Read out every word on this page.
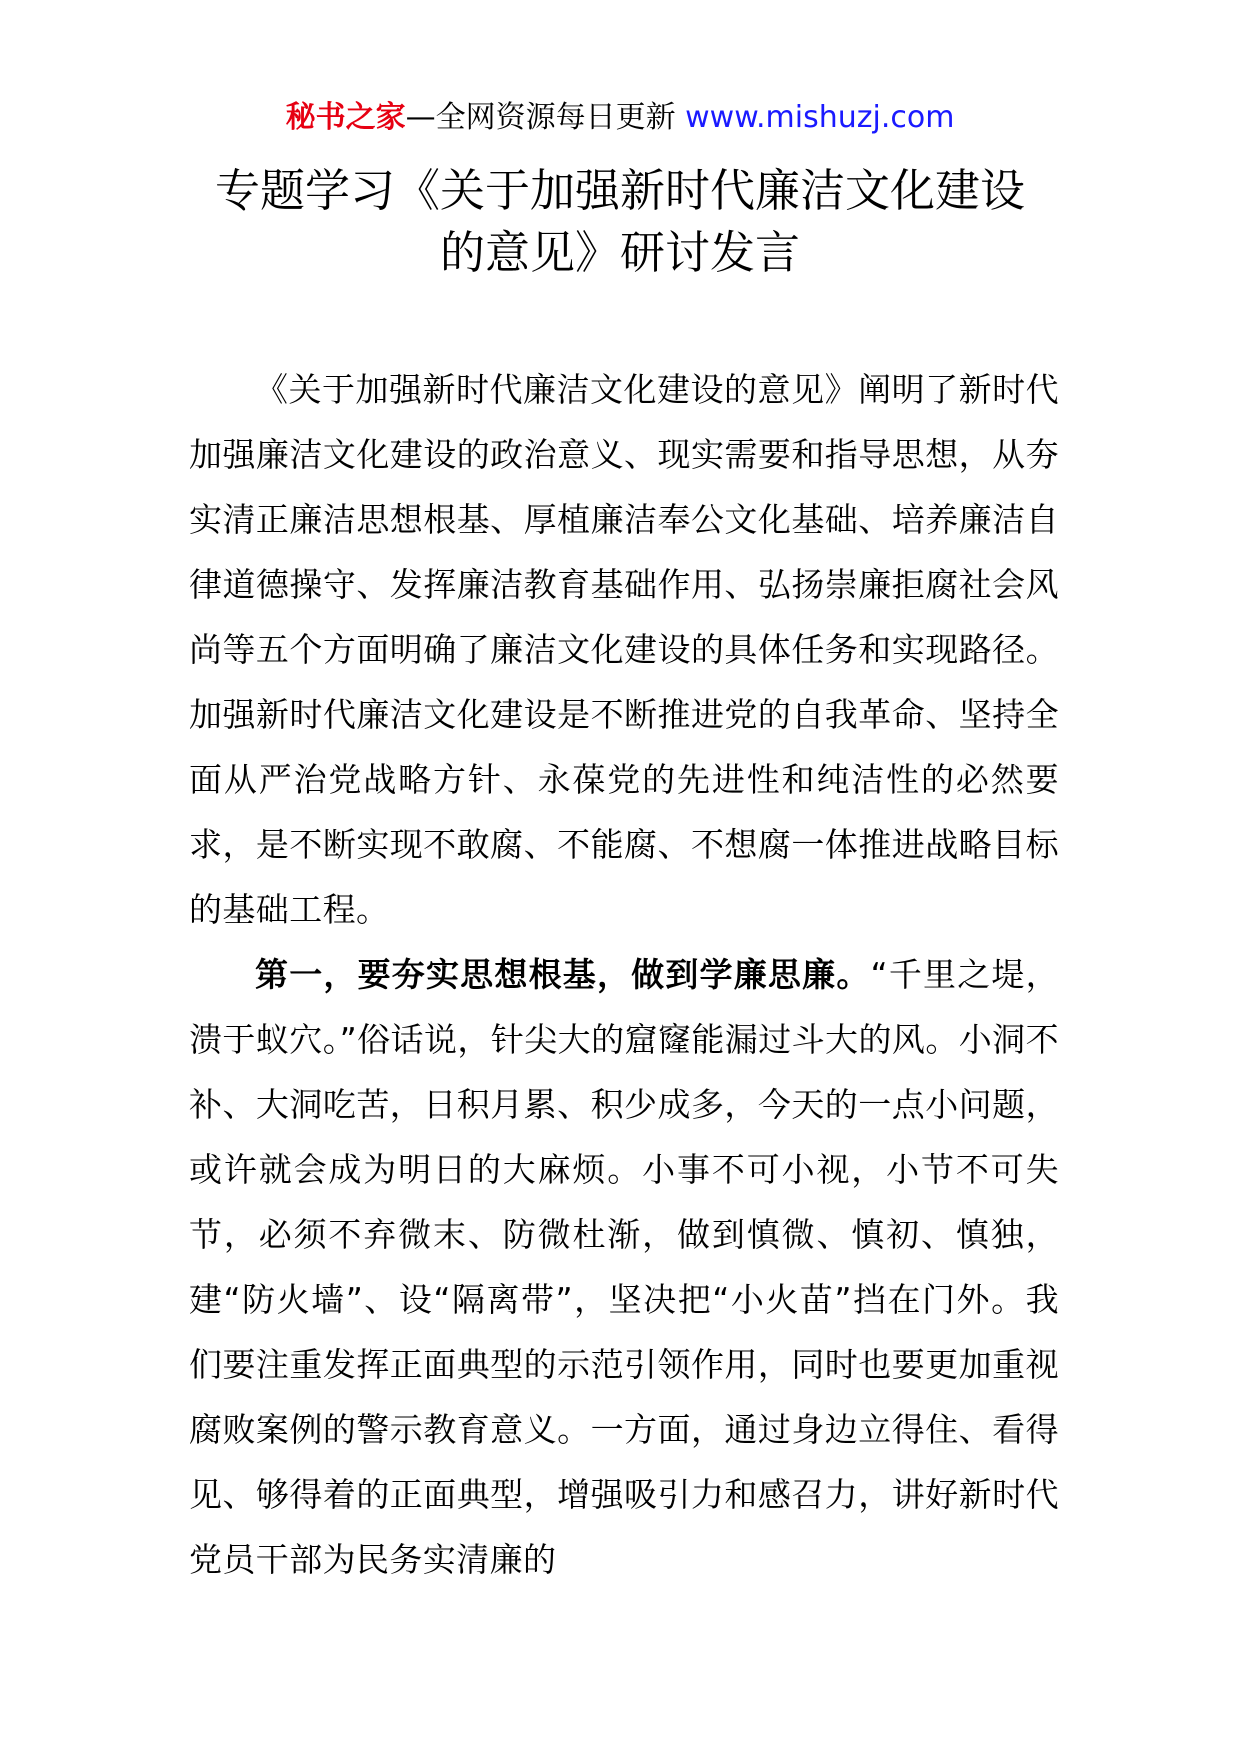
秘书之家—全网资源每日更新 www.mishuzj.com
专题学习《关于加强新时代廉洁文化建设
的意见》研讨发言

《关于加强新时代廉洁文化建设的意见》阐明了新时代加强廉洁文化建设的政治意义、现实需要和指导思想，从夯实清正廉洁思想根基、厚植廉洁奉公文化基础、培养廉洁自律道德操守、发挥廉洁教育基础作用、弘扬崇廉拒腐社会风尚等五个方面明确了廉洁文化建设的具体任务和实现路径。加强新时代廉洁文化建设是不断推进党的自我革命、坚持全面从严治党战略方针、永葆党的先进性和纯洁性的必然要求，是不断实现不敢腐、不能腐、不想腐一体推进战略目标的基础工程。

第一，要夯实思想根基，做到学廉思廉。“千里之堤，溃于蚁穴。”俗话说，针尖大的窟窿能漏过斗大的风。小洞不补、大洞吃苦，日积月累、积少成多，今天的一点小问题，或许就会成为明日的大麻烦。小事不可小视，小节不可失节，必须不弃微末、防微杜渐，做到慎微、慎初、慎独，建“防火墙”、设“隔离带”，坚决把“小火苗”挡在门外。我们要注重发挥正面典型的示范引领作用，同时也要更加重视腐败案例的警示教育意义。一方面，通过身边立得住、看得见、够得着的正面典型，增强吸引力和感召力，讲好新时代党员干部为民务实清廉的
